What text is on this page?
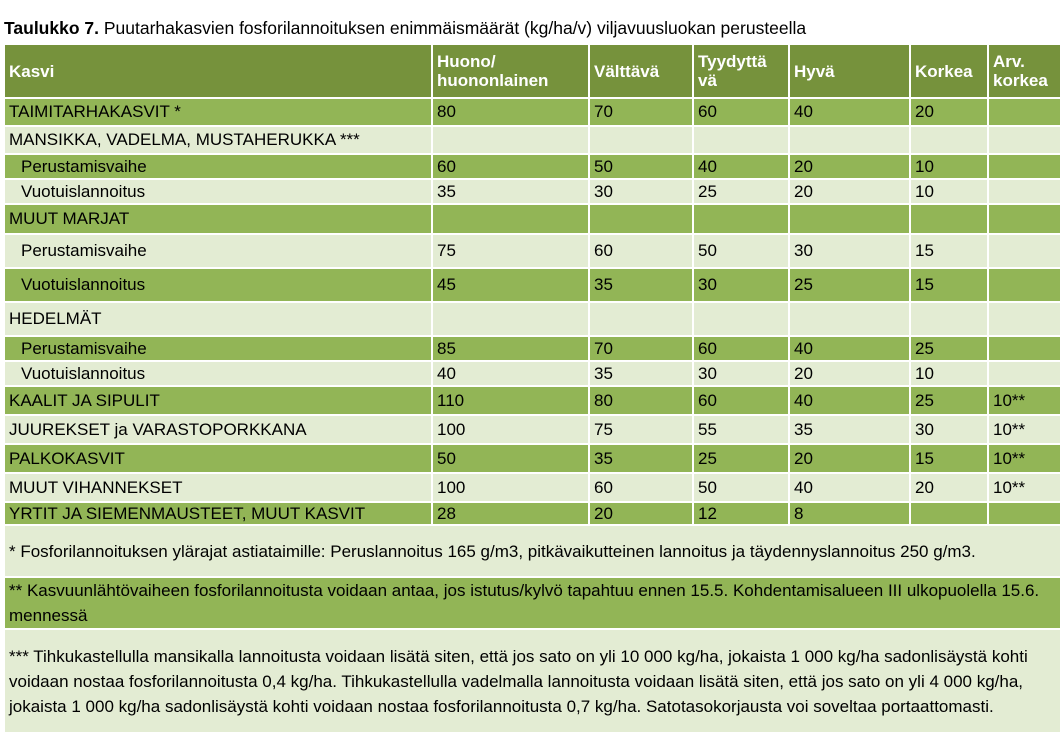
Taulukko 7. Puutarhakasvien fosforilannoituksen enimmäismäärät (kg/ha/v) viljavuusluokan perusteella
Kasvi	Huono/ huononlainen	Välttävä	Tyydyttä vä	Hyvä	Korkea	Arv. korkea
TAIMITARHAKASVIT *	80	70	60	40	20	
MANSIKKA, VADELMA, MUSTAHERUKKA ***						
Perustamisvaihe	60	50	40	20	10	
Vuotuislannoitus	35	30	25	20	10	
MUUT MARJAT						
Perustamisvaihe	75	60	50	30	15	
Vuotuislannoitus	45	35	30	25	15	
HEDELMÄT						
Perustamisvaihe	85	70	60	40	25	
Vuotuislannoitus	40	35	30	20	10	
KAALIT JA SIPULIT	110	80	60	40	25	10**
JUUREKSET ja VARASTOPORKKANA	100	75	55	35	30	10**
PALKOKASVIT	50	35	25	20	15	10**
MUUT VIHANNEKSET	100	60	50	40	20	10**
YRTIT JA SIEMENMAUSTEET, MUUT KASVIT	28	20	12	8		
* Fosforilannoituksen ylärajat astiataimille: Peruslannoitus 165 g/m3, pitkävaikutteinen lannoitus ja täydennyslannoitus 250 g/m3.						
** Kasvuunlähtövaiheen fosforilannoitusta voidaan antaa, jos istutus/kylvö tapahtuu ennen 15.5. Kohdentamisalueen III ulkopuolella 15.6. mennessä						
*** Tihkukastellulla mansikalla lannoitusta voidaan lisätä siten, että jos sato on yli 10 000 kg/ha, jokaista 1 000 kg/ha sadonlisäystä kohti voidaan nostaa fosforilannoitusta 0,4 kg/ha. Tihkukastellulla vadelmalla lannoitusta voidaan lisätä siten, että jos sato on yli 4 000 kg/ha, jokaista 1 000 kg/ha sadonlisäystä kohti voidaan nostaa fosforilannoitusta 0,7 kg/ha. Satotasokorjausta voi soveltaa portaattomasti.						
